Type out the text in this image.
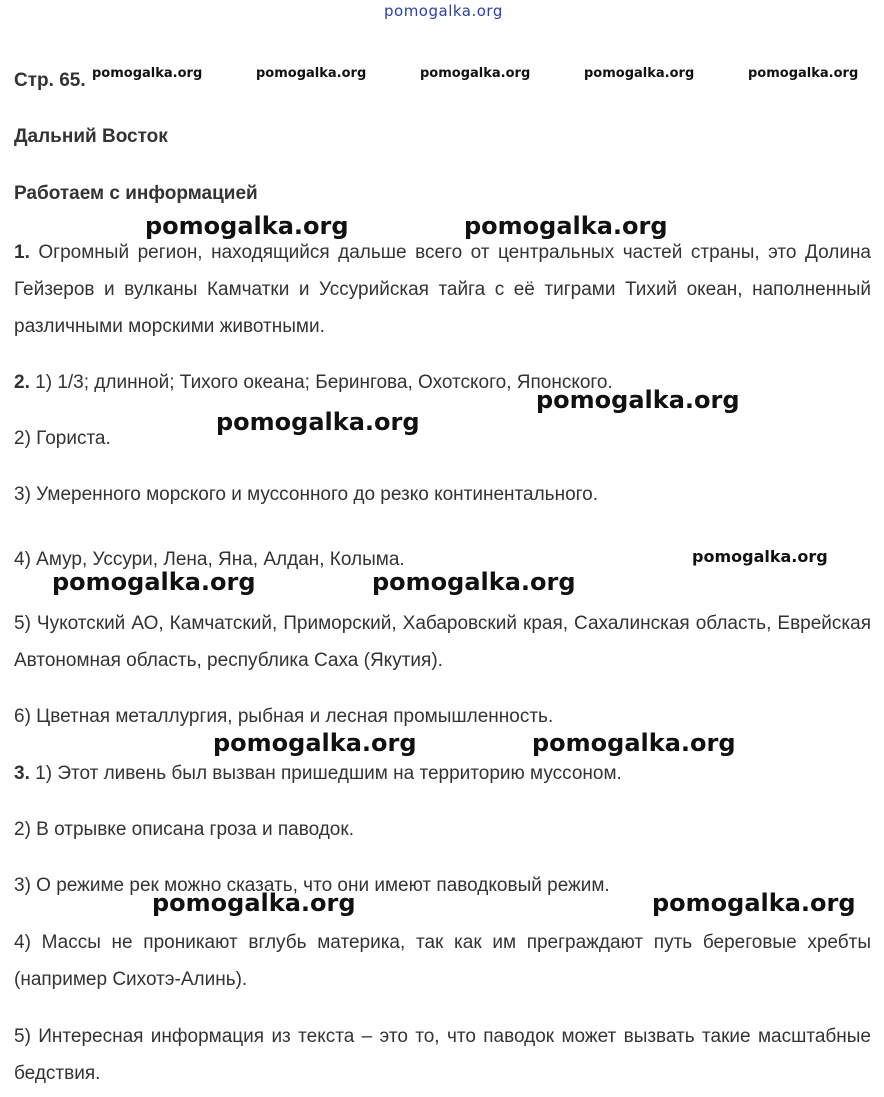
pomogalka.org
Стр. 65. pomogalka.org	pomogalka.org	pomogalka.org	pomogalka.org	pomogalka.org
Дальний Восток
Работаем с информацией
pomogalka.org	pomogalka.org
1. Огромный регион, находящийся дальше всего от центральных частей страны, это Долина Гейзеров и вулканы Камчатки и Уссурийская тайга с её тиграми Тихий океан, наполненный различными морскими животными.
2. 1) 1/3; длинной; Тихого океана; Берингова, Охотского, Японского.
pomogalka.org
pomogalka.org
2) Гориста.
3) Умеренного морского и муссонного до резко континентального.
4) Амур, Уссури, Лена, Яна, Алдан, Колыма.	pomogalka.org
pomogalka.org	pomogalka.org
5) Чукотский АО, Камчатский, Приморский, Хабаровский края, Сахалинская область, Еврейская Автономная область, республика Саха (Якутия).
6) Цветная металлургия, рыбная и лесная промышленность.
pomogalka.org	pomogalka.org
3. 1) Этот ливень был вызван пришедшим на территорию муссоном.
2) В отрывке описана гроза и паводок.
3) О режиме рек можно сказать, что они имеют паводковый режим.
pomogalka.org	pomogalka.org
4) Массы не проникают вглубь материка, так как им преграждают путь береговые хребты (например Сихотэ-Алинь).
5) Интересная информация из текста – это то, что паводок может вызвать такие масштабные бедствия.
